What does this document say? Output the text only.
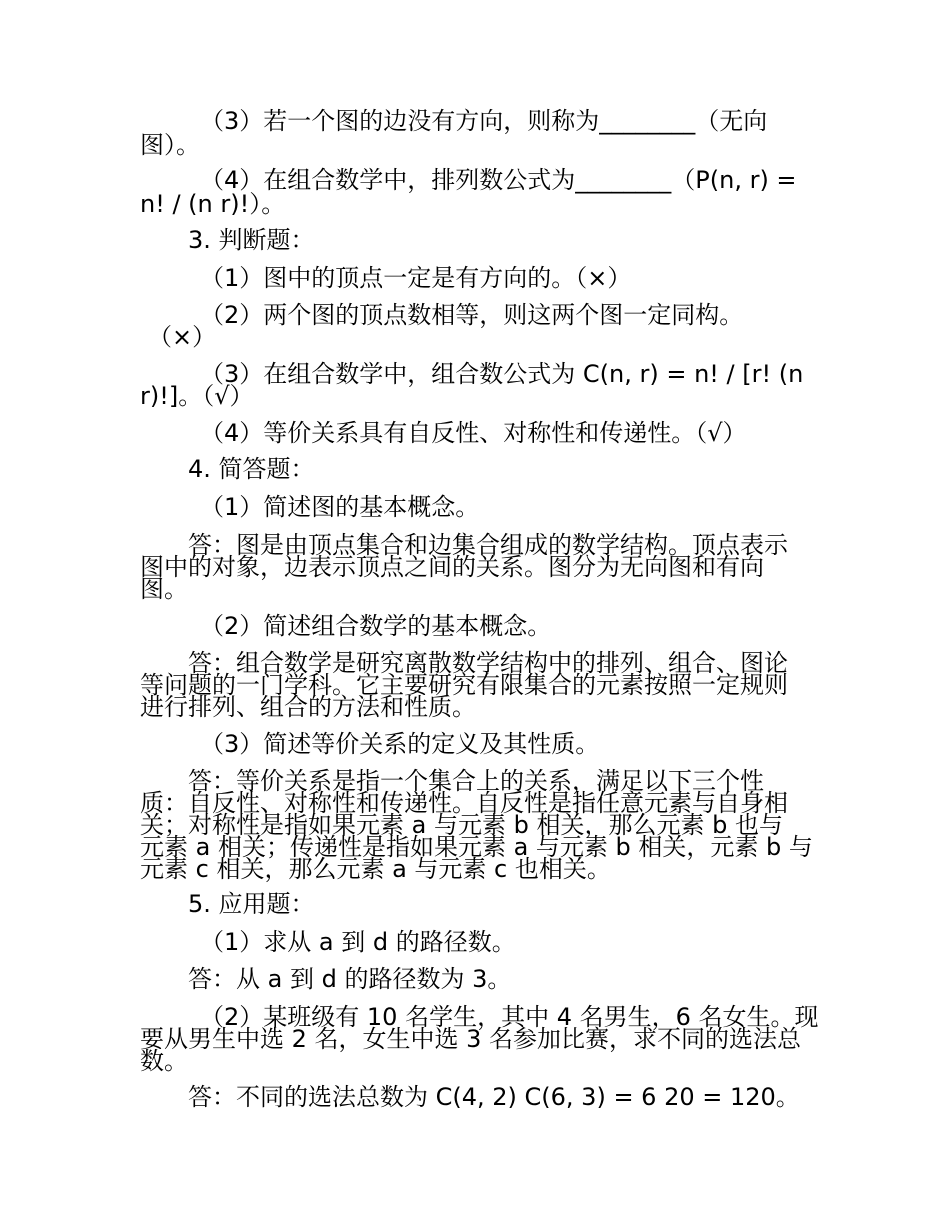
（3）若一个图的边没有方向，则称为________（无向
图）。
（4）在组合数学中，排列数公式为________（P(n, r) =
n! / (n r)!）。
3. 判断题：
（1）图中的顶点一定是有方向的。（×）
（2）两个图的顶点数相等，则这两个图一定同构。
（×）
（3）在组合数学中，组合数公式为 C(n, r) = n! / [r! (n
r)!]。（√）
（4）等价关系具有自反性、对称性和传递性。（√）
4. 简答题：
（1）简述图的基本概念。
答：图是由顶点集合和边集合组成的数学结构。顶点表示
图中的对象，边表示顶点之间的关系。图分为无向图和有向
图。
（2）简述组合数学的基本概念。
答：组合数学是研究离散数学结构中的排列、组合、图论
等问题的一门学科。它主要研究有限集合的元素按照一定规则
进行排列、组合的方法和性质。
（3）简述等价关系的定义及其性质。
答：等价关系是指一个集合上的关系，满足以下三个性
质：自反性、对称性和传递性。自反性是指任意元素与自身相
关；对称性是指如果元素 a 与元素 b 相关，那么元素 b 也与
元素 a 相关；传递性是指如果元素 a 与元素 b 相关，元素 b 与
元素 c 相关，那么元素 a 与元素 c 也相关。
5. 应用题：
（1）求从 a 到 d 的路径数。
答：从 a 到 d 的路径数为 3。
（2）某班级有 10 名学生，其中 4 名男生，6 名女生。现
要从男生中选 2 名，女生中选 3 名参加比赛，求不同的选法总
数。
答：不同的选法总数为 C(4, 2) C(6, 3) = 6 20 = 120。
